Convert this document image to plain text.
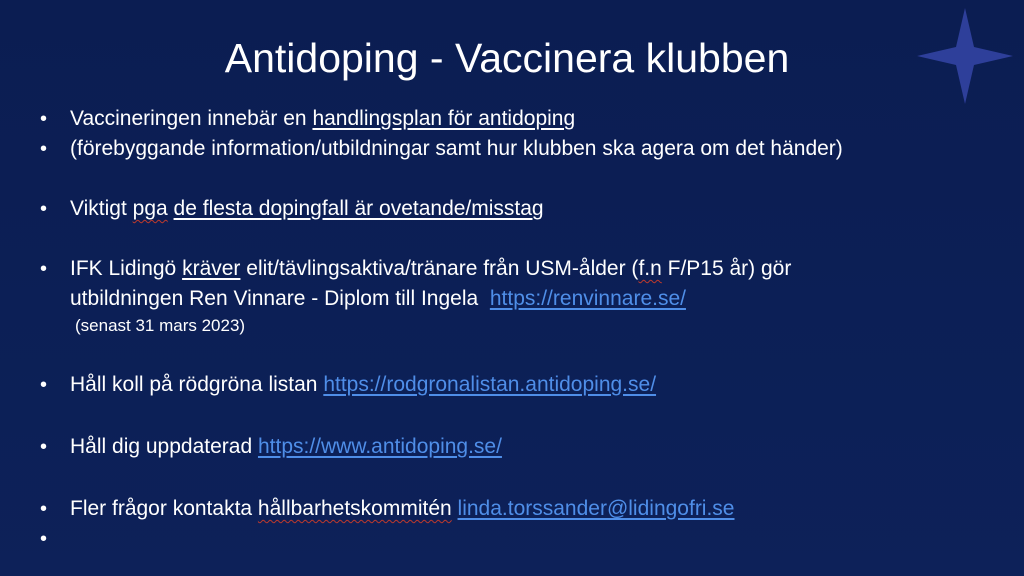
Antidoping - Vaccinera klubben
• Vaccineringen innebär en handlingsplan för antidoping
• (förebyggande information/utbildningar samt hur klubben ska agera om det händer)
• Viktigt pga de flesta dopingfall är ovetande/misstag
• IFK Lidingö kräver elit/tävlingsaktiva/tränare från USM-ålder (f.n F/P15 år) gör
utbildningen Ren Vinnare - Diplom till Ingela https://renvinnare.se/
(senast 31 mars 2023)
• Håll koll på rödgröna listan https://rodgronalistan.antidoping.se/
• Håll dig uppdaterad https://www.antidoping.se/
• Fler frågor kontakta hållbarhetskommitén linda.torssander@lidingofri.se
